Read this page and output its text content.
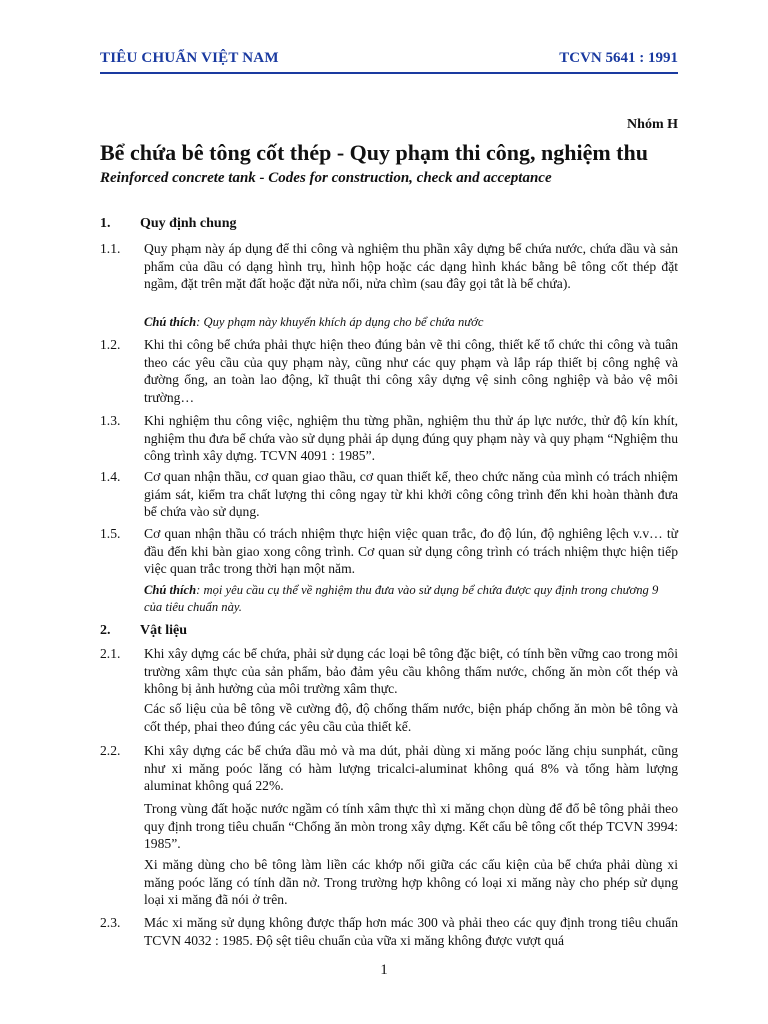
TIÊU CHUẨN VIỆT NAM	TCVN 5641 : 1991
Nhóm H
Bể chứa bê tông cốt thép - Quy phạm thi công, nghiệm thu
Reinforced concrete tank - Codes for construction, check and acceptance
1. Quy định chung
1.1. Quy phạm này áp dụng để thi công và nghiệm thu phần xây dựng bể chứa nước, chứa dầu và sản phẩm của dầu có dạng hình trụ, hình hộp hoặc các dạng hình khác bằng bê tông cốt thép đặt ngầm, đặt trên mặt đất hoặc đặt nửa nổi, nửa chìm (sau đây gọi tắt là bể chứa).
Chú thích: Quy phạm này khuyến khích áp dụng cho bể chứa nước
1.2. Khi thi công bể chứa phải thực hiện theo đúng bản vẽ thi công, thiết kế tổ chức thi công và tuân theo các yêu cầu của quy phạm này, cũng như các quy phạm và lắp ráp thiết bị công nghệ và đường ống, an toàn lao động, kĩ thuật thi công xây dựng vệ sinh công nghiệp và bảo vệ môi trường…
1.3. Khi nghiệm thu công việc, nghiệm thu từng phần, nghiệm thu thử áp lực nước, thử độ kín khít, nghiệm thu đưa bể chứa vào sử dụng phải áp dụng đúng quy phạm này và quy phạm “Nghiệm thu công trình xây dựng. TCVN 4091 : 1985”.
1.4. Cơ quan nhận thầu, cơ quan giao thầu, cơ quan thiết kế, theo chức năng của mình có trách nhiệm giám sát, kiểm tra chất lượng thi công ngay từ khi khởi công công trình đến khi hoàn thành đưa bể chứa vào sử dụng.
1.5. Cơ quan nhận thầu có trách nhiệm thực hiện việc quan trắc, đo độ lún, độ nghiêng lệch v.v… từ đầu đến khi bàn giao xong công trình. Cơ quan sử dụng công trình có trách nhiệm thực hiện tiếp việc quan trắc trong thời hạn một năm.
Chú thích: mọi yêu cầu cụ thể về nghiệm thu đưa vào sử dụng bể chứa được quy định trong chương 9 của tiêu chuẩn này.
2. Vật liệu
2.1. Khi xây dựng các bể chứa, phải sử dụng các loại bê tông đặc biệt, có tính bền vững cao trong môi trường xâm thực của sản phẩm, bảo đảm yêu cầu không thấm nước, chống ăn mòn cốt thép và không bị ảnh hưởng của môi trường xâm thực.
Các số liệu của bê tông về cường độ, độ chống thấm nước, biện pháp chống ăn mòn bê tông và cốt thép, phai theo đúng các yêu cầu của thiết kế.
2.2. Khi xây dựng các bể chứa dầu mỏ và ma dút, phải dùng xi măng poóc lăng chịu sunphát, cũng như xi măng poóc lăng có hàm lượng tricalci-aluminat không quá 8% và tổng hàm lượng aluminat không quá 22%.
Trong vùng đất hoặc nước ngầm có tính xâm thực thì xi măng chọn dùng để đổ bê tông phải theo quy định trong tiêu chuẩn “Chống ăn mòn trong xây dựng. Kết cấu bê tông cốt thép TCVN 3994: 1985”.
Xi măng dùng cho bê tông làm liền các khớp nối giữa các cấu kiện của bể chứa phải dùng xi măng poóc lăng có tính dãn nở. Trong trường hợp không có loại xi măng này cho phép sử dụng loại xi măng đã nói ở trên.
2.3. Mác xi măng sử dụng không được thấp hơn mác 300 và phải theo các quy định trong tiêu chuẩn TCVN 4032 : 1985. Độ sệt tiêu chuẩn của vữa xi măng không được vượt quá
1
